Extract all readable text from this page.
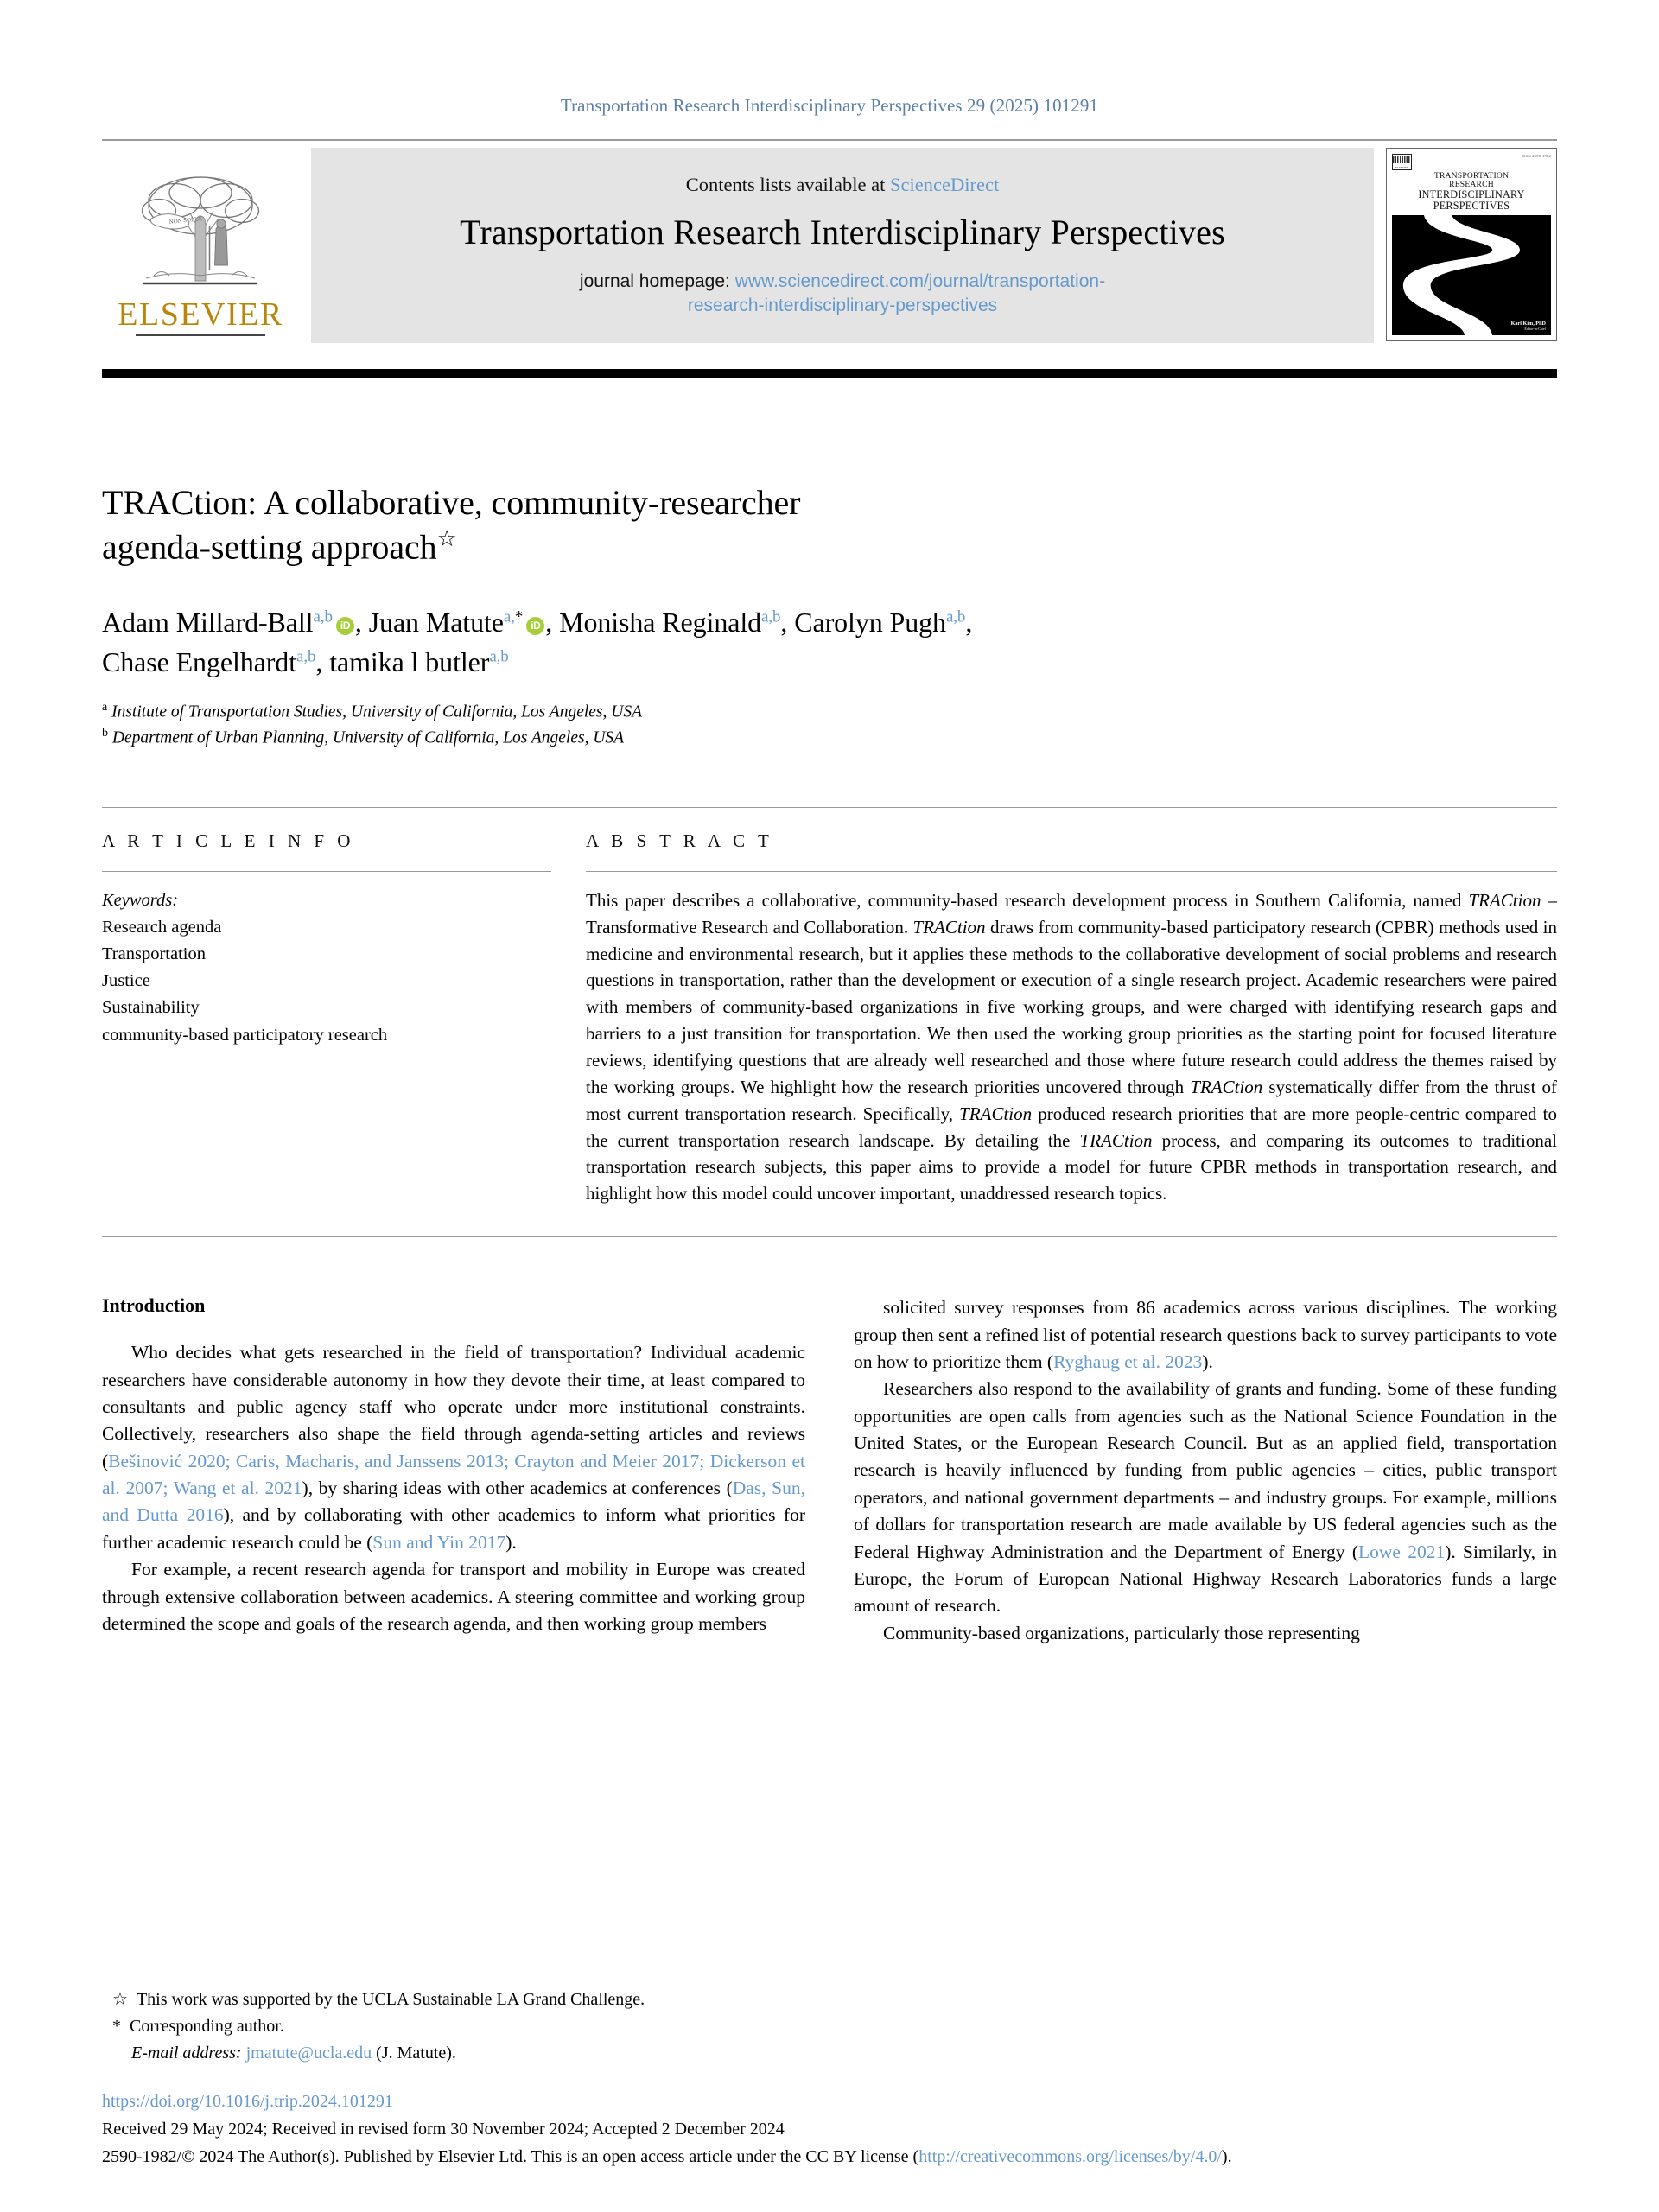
Transportation Research Interdisciplinary Perspectives 29 (2025) 101291
NON SOLUS
ELSEVIER
Contents lists available at ScienceDirect
Transportation Research Interdisciplinary Perspectives
journal homepage: www.sciencedirect.com/journal/transportation-
research-interdisciplinary-perspectives
ELSEVIER
ISSN 2590-1982
TRANSPORTATION
RESEARCH
INTERDISCIPLINARY
PERSPECTIVES
Karl Kim, PhD
Editor-in-Chief
TRACtion: A collaborative, community-researcher
agenda-setting approach☆
Adam Millard-Ball$^{a,b}$ iD , Juan Matute$^{a,*}$ iD , Monisha Reginald$^{a,b}$, Carolyn Pugh$^{a,b}$,
Chase Engelhardt$^{a,b}$, tamika l butler$^{a,b}$
$^a$ Institute of Transportation Studies, University of California, Los Angeles, USA
$^b$ Department of Urban Planning, University of California, Los Angeles, USA
A R T I C L E I N F O
Keywords:
Research agenda
Transportation
Justice
Sustainability
community-based participatory research
A B S T R A C T
This paper describes a collaborative, community-based research development process in Southern California, named TRACtion – Transformative Research and Collaboration. TRACtion draws from community-based participatory research (CPBR) methods used in medicine and environmental research, but it applies these methods to the collaborative development of social problems and research questions in transportation, rather than the development or execution of a single research project. Academic researchers were paired with members of community-based organizations in five working groups, and were charged with identifying research gaps and barriers to a just transition for transportation. We then used the working group priorities as the starting point for focused literature reviews, identifying questions that are already well researched and those where future research could address the themes raised by the working groups. We highlight how the research priorities uncovered through TRACtion systematically differ from the thrust of most current transportation research. Specifically, TRACtion produced research priorities that are more people-centric compared to the current transportation research landscape. By detailing the TRACtion process, and comparing its outcomes to traditional transportation research subjects, this paper aims to provide a model for future CPBR methods in transportation research, and highlight how this model could uncover important, unaddressed research topics.
Introduction

Who decides what gets researched in the field of transportation? Individual academic researchers have considerable autonomy in how they devote their time, at least compared to consultants and public agency staff who operate under more institutional constraints. Collectively, researchers also shape the field through agenda-setting articles and reviews (Bešinović 2020; Caris, Macharis, and Janssens 2013; Crayton and Meier 2017; Dickerson et al. 2007; Wang et al. 2021), by sharing ideas with other academics at conferences (Das, Sun, and Dutta 2016), and by collaborating with other academics to inform what priorities for further academic research could be (Sun and Yin 2017).

For example, a recent research agenda for transport and mobility in Europe was created through extensive collaboration between academics. A steering committee and working group determined the scope and goals of the research agenda, and then working group members

solicited survey responses from 86 academics across various disciplines. The working group then sent a refined list of potential research questions back to survey participants to vote on how to prioritize them (Ryghaug et al. 2023).

Researchers also respond to the availability of grants and funding. Some of these funding opportunities are open calls from agencies such as the National Science Foundation in the United States, or the European Research Council. But as an applied field, transportation research is heavily influenced by funding from public agencies – cities, public transport operators, and national government departments – and industry groups. For example, millions of dollars for transportation research are made available by US federal agencies such as the Federal Highway Administration and the Department of Energy (Lowe 2021). Similarly, in Europe, the Forum of European National Highway Research Laboratories funds a large amount of research.

Community-based organizations, particularly those representing

☆ This work was supported by the UCLA Sustainable LA Grand Challenge.
* Corresponding author.
E-mail address: jmatute@ucla.edu (J. Matute).
https://doi.org/10.1016/j.trip.2024.101291
Received 29 May 2024; Received in revised form 30 November 2024; Accepted 2 December 2024
2590-1982/© 2024 The Author(s). Published by Elsevier Ltd. This is an open access article under the CC BY license (http://creativecommons.org/licenses/by/4.0/).
